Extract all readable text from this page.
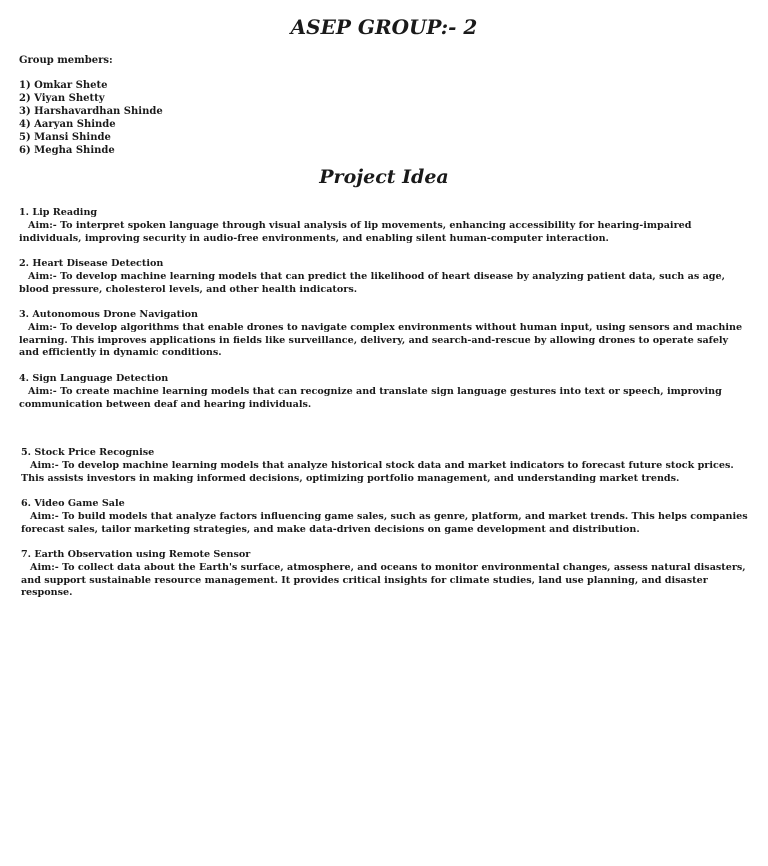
ASEP GROUP:- 2

Group members:

1) Omkar Shete
2) Viyan Shetty
3) Harshavardhan Shinde
4) Aaryan Shinde
5) Mansi Shinde
6) Megha Shinde
Project Idea
1. Lip Reading
Aim:- To interpret spoken language through visual analysis of lip movements, enhancing accessibility for hearing-impaired individuals, improving security in audio-free environments, and enabling silent human-computer interaction.
2. Heart Disease Detection
Aim:- To develop machine learning models that can predict the likelihood of heart disease by analyzing patient data, such as age, blood pressure, cholesterol levels, and other health indicators.
3. Autonomous Drone Navigation
Aim:- To develop algorithms that enable drones to navigate complex environments without human input, using sensors and machine learning. This improves applications in fields like surveillance, delivery, and search-and-rescue by allowing drones to operate safely and efficiently in dynamic conditions.
4. Sign Language Detection
Aim:- To create machine learning models that can recognize and translate sign language gestures into text or speech, improving communication between deaf and hearing individuals.
5. Stock Price Recognise
Aim:- To develop machine learning models that analyze historical stock data and market indicators to forecast future stock prices. This assists investors in making informed decisions, optimizing portfolio management, and understanding market trends.
6. Video Game Sale
Aim:- To build models that analyze factors influencing game sales, such as genre, platform, and market trends. This helps companies forecast sales, tailor marketing strategies, and make data-driven decisions on game development and distribution.
7. Earth Observation using Remote Sensor
Aim:- To collect data about the Earth's surface, atmosphere, and oceans to monitor environmental changes, assess natural disasters, and support sustainable resource management. It provides critical insights for climate studies, land use planning, and disaster response.
